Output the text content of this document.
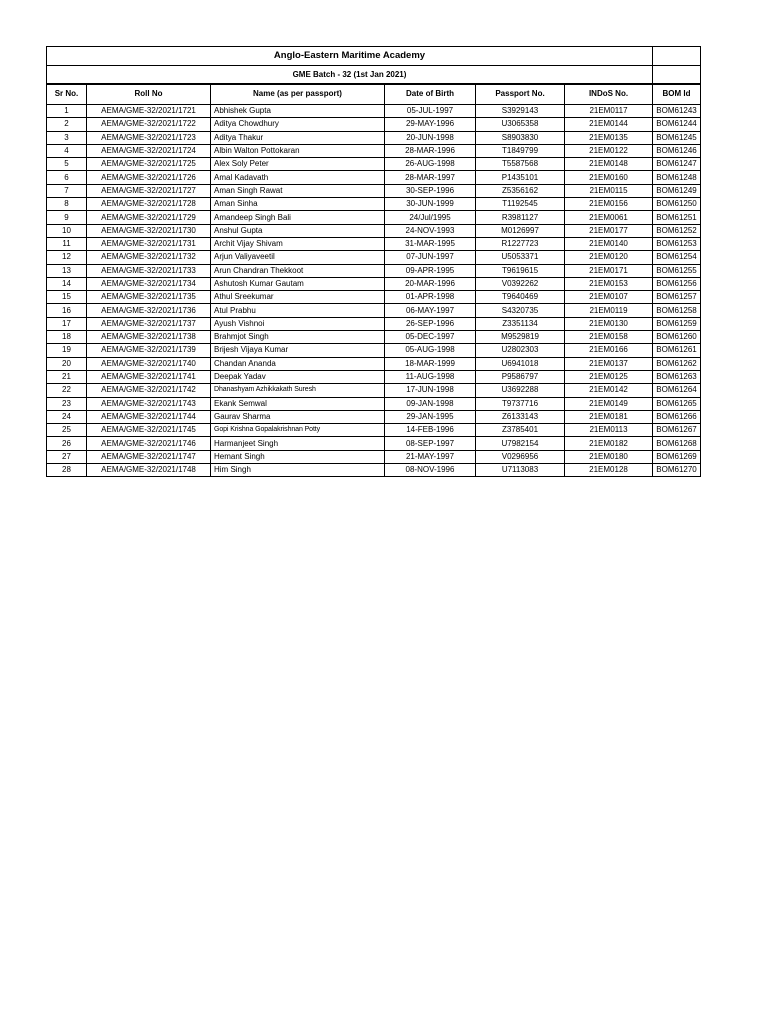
Anglo-Eastern Maritime Academy	
GME Batch - 32 (1st Jan 2021)	
Sr No.	Roll No	Name (as per passport)	Date of Birth	Passport No.	INDoS No.	BOM Id
1	AEMA/GME-32/2021/1721	Abhishek Gupta	05-JUL-1997	S3929143	21EM0117	BOM61243
2	AEMA/GME-32/2021/1722	Aditya Chowdhury	29-MAY-1996	U3065358	21EM0144	BOM61244
3	AEMA/GME-32/2021/1723	Aditya Thakur	20-JUN-1998	S8903830	21EM0135	BOM61245
4	AEMA/GME-32/2021/1724	Albin Walton Pottokaran	28-MAR-1996	T1849799	21EM0122	BOM61246
5	AEMA/GME-32/2021/1725	Alex Soly Peter	26-AUG-1998	T5587568	21EM0148	BOM61247
6	AEMA/GME-32/2021/1726	Amal Kadavath	28-MAR-1997	P1435101	21EM0160	BOM61248
7	AEMA/GME-32/2021/1727	Aman Singh Rawat	30-SEP-1996	Z5356162	21EM0115	BOM61249
8	AEMA/GME-32/2021/1728	Aman Sinha	30-JUN-1999	T1192545	21EM0156	BOM61250
9	AEMA/GME-32/2021/1729	Amandeep Singh Bali	24/Jul/1995	R3981127	21EM0061	BOM61251
10	AEMA/GME-32/2021/1730	Anshul Gupta	24-NOV-1993	M0126997	21EM0177	BOM61252
11	AEMA/GME-32/2021/1731	Archit Vijay Shivam	31-MAR-1995	R1227723	21EM0140	BOM61253
12	AEMA/GME-32/2021/1732	Arjun Valiyaveetil	07-JUN-1997	U5053371	21EM0120	BOM61254
13	AEMA/GME-32/2021/1733	Arun Chandran Thekkoot	09-APR-1995	T9619615	21EM0171	BOM61255
14	AEMA/GME-32/2021/1734	Ashutosh Kumar Gautam	20-MAR-1996	V0392262	21EM0153	BOM61256
15	AEMA/GME-32/2021/1735	Athul Sreekumar	01-APR-1998	T9640469	21EM0107	BOM61257
16	AEMA/GME-32/2021/1736	Atul Prabhu	06-MAY-1997	S4320735	21EM0119	BOM61258
17	AEMA/GME-32/2021/1737	Ayush Vishnoi	26-SEP-1996	Z3351134	21EM0130	BOM61259
18	AEMA/GME-32/2021/1738	Brahmjot Singh	05-DEC-1997	M9529819	21EM0158	BOM61260
19	AEMA/GME-32/2021/1739	Brijesh Vijaya Kumar	05-AUG-1998	U2802303	21EM0166	BOM61261
20	AEMA/GME-32/2021/1740	Chandan Ananda	18-MAR-1999	U6941018	21EM0137	BOM61262
21	AEMA/GME-32/2021/1741	Deepak Yadav	11-AUG-1998	P9586797	21EM0125	BOM61263
22	AEMA/GME-32/2021/1742	Dhanashyam Azhikkakath Suresh	17-JUN-1998	U3692288	21EM0142	BOM61264
23	AEMA/GME-32/2021/1743	Ekank Semwal	09-JAN-1998	T9737716	21EM0149	BOM61265
24	AEMA/GME-32/2021/1744	Gaurav Sharma	29-JAN-1995	Z6133143	21EM0181	BOM61266
25	AEMA/GME-32/2021/1745	Gopi Krishna Gopalakrishnan Potty	14-FEB-1996	Z3785401	21EM0113	BOM61267
26	AEMA/GME-32/2021/1746	Harmanjeet Singh	08-SEP-1997	U7982154	21EM0182	BOM61268
27	AEMA/GME-32/2021/1747	Hemant Singh	21-MAY-1997	V0296956	21EM0180	BOM61269
28	AEMA/GME-32/2021/1748	Him Singh	08-NOV-1996	U7113083	21EM0128	BOM61270
